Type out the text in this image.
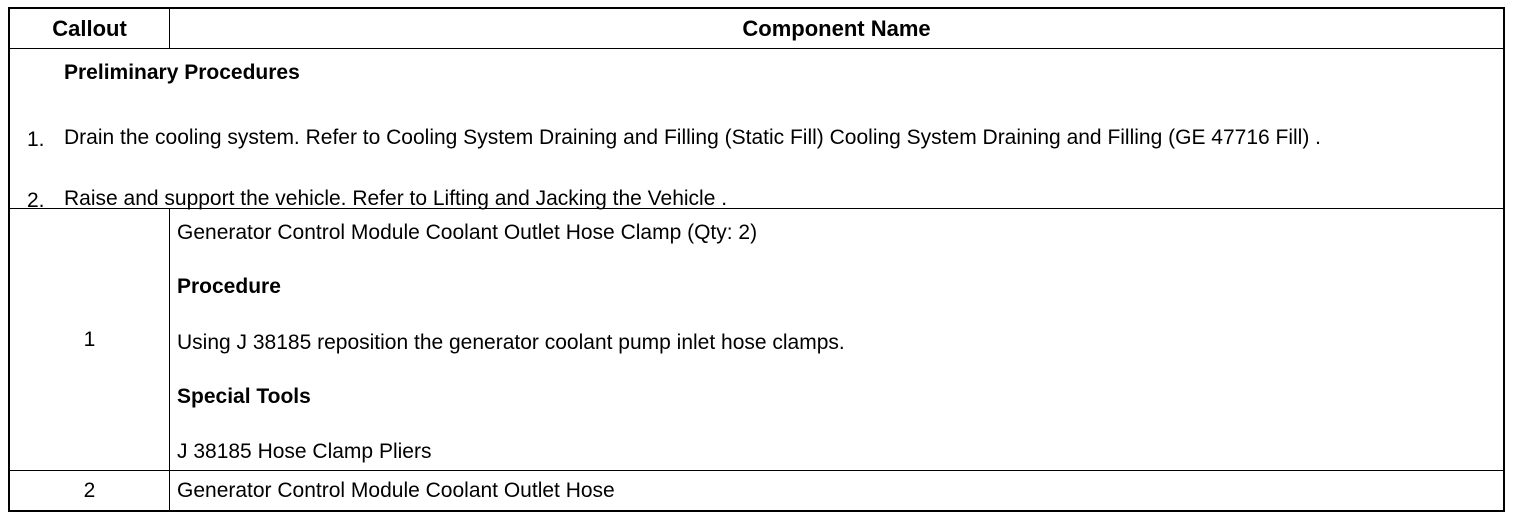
Callout	Component Name
Preliminary Procedures
1. Drain the cooling system. Refer to Cooling System Draining and Filling (Static Fill) Cooling System Draining and Filling (GE 47716 Fill) .
2. Raise and support the vehicle. Refer to Lifting and Jacking the Vehicle .
1
Generator Control Module Coolant Outlet Hose Clamp (Qty: 2)
Procedure
Using J 38185 reposition the generator coolant pump inlet hose clamps.
Special Tools
J 38185 Hose Clamp Pliers
2	Generator Control Module Coolant Outlet Hose
